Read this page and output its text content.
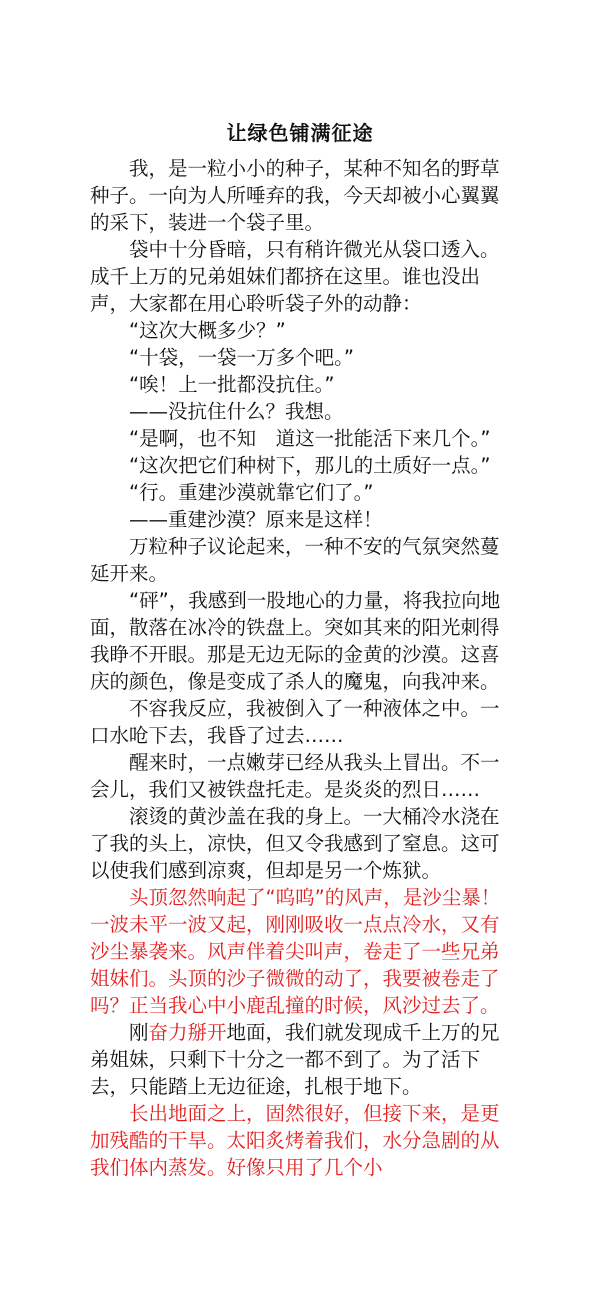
让绿色铺满征途

我，是一粒小小的种子，某种不知名的野草种子。一向为人所唾弃的我，今天却被小心翼翼的采下，装进一个袋子里。

袋中十分昏暗，只有稍许微光从袋口透入。成千上万的兄弟姐妹们都挤在这里。谁也没出声，大家都在用心聆听袋子外的动静：

“这次大概多少？”

“十袋，一袋一万多个吧。”

“唉！上一批都没抗住。”

——没抗住什么？我想。

“是啊，也不知　道这一批能活下来几个。”

“这次把它们种树下，那儿的土质好一点。”

“行。重建沙漠就靠它们了。”

——重建沙漠？原来是这样！

万粒种子议论起来，一种不安的气氛突然蔓延开来。

“砰”，我感到一股地心的力量，将我拉向地面，散落在冰冷的铁盘上。突如其来的阳光刺得我睁不开眼。那是无边无际的金黄的沙漠。这喜庆的颜色，像是变成了杀人的魔鬼，向我冲来。

不容我反应，我被倒入了一种液体之中。一口水呛下去，我昏了过去……

醒来时，一点嫩芽已经从我头上冒出。不一会儿，我们又被铁盘托走。是炎炎的烈日……

滚烫的黄沙盖在我的身上。一大桶冷水浇在了我的头上，凉快，但又令我感到了窒息。这可以使我们感到凉爽，但却是另一个炼狱。

头顶忽然响起了“呜呜”的风声，是沙尘暴！一波未平一波又起，刚刚吸收一点点冷水，又有沙尘暴袭来。风声伴着尖叫声，卷走了一些兄弟姐妹们。头顶的沙子微微的动了，我要被卷走了吗？正当我心中小鹿乱撞的时候，风沙过去了。

刚奋力掰开地面，我们就发现成千上万的兄弟姐妹，只剩下十分之一都不到了。为了活下去，只能踏上无边征途，扎根于地下。

长出地面之上，固然很好，但接下来，是更加残酷的干旱。太阳炙烤着我们，水分急剧的从我们体内蒸发。好像只用了几个小
